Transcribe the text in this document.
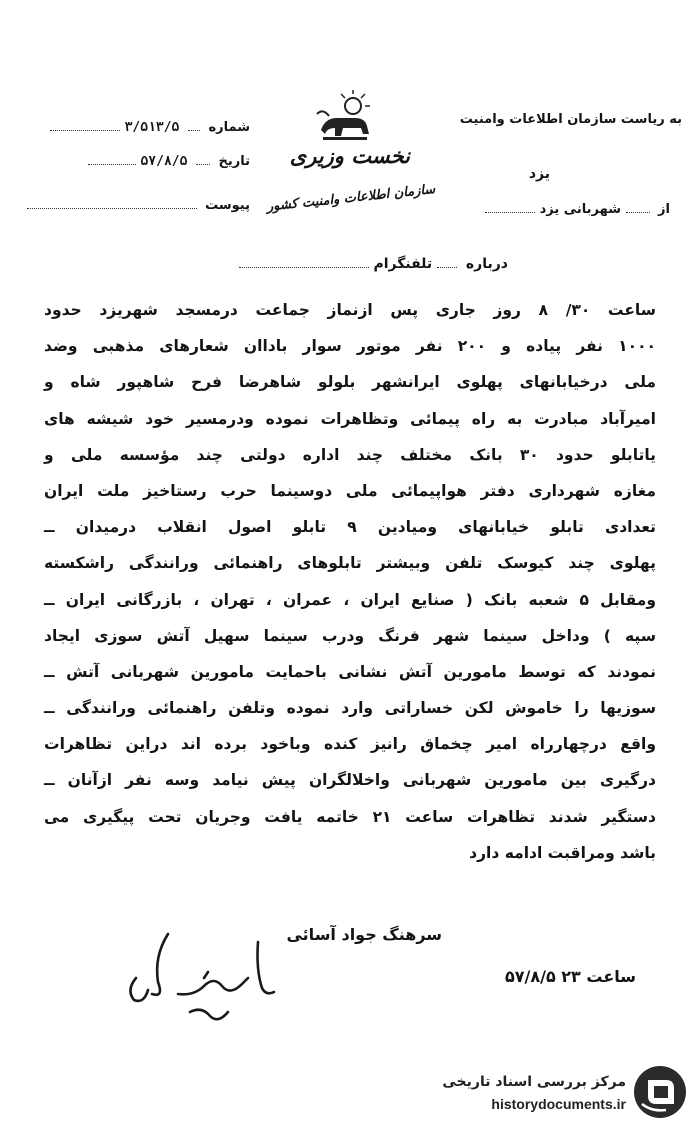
به ریاست سازمان اطلاعات وامنیت
نخست وزیری
سازمان اطلاعات وامنیت کشور
یزد
شماره  ۳/۵۱۳/۵
تاریخ  ۵۷/۸/۵
پیوست	از  شهربانی یزد
درباره  تلفنگرام
ساعت ۳۰/ ۸ روز جاری پس ازنماز جماعت درمسجد شهریزد حدود
۱۰۰۰ نفر پیاده و ۲۰۰ نفر موتور سوار باداان شعارهای مذهبی وضد
ملی درخیابانهای پهلوی ایرانشهر بلولو شاهرضا فرح شاهپور شاه و
امیرآباد مبادرت به راه پیمائی وتظاهرات نموده ودرمسیر خود شیشه های
یاتابلو حدود ۳۰ بانک مختلف چند اداره دولتی چند مؤسسه ملی و
مغازه شهرداری دفتر هواپیمائی ملی دوسینما حرب رستاخیز ملت ایران
تعدادی تابلو خیابانهای ومیادین ۹ تابلو اصول انقلاب درمیدان ــ
پهلوی چند کیوسک تلفن وبیشتر تابلوهای راهنمائی ورانندگی راشکسته
ومقابل ۵ شعبه بانک ( صنایع ایران ، عمران ، تهران ، بازرگانی ایران ــ
سپه ) وداخل سینما شهر فرنگ ودرب سینما سهیل آتش سوزی ایجاد
نمودند که توسط مامورین آتش نشانی باحمایت مامورین شهربانی آتش ــ
سوزیها را خاموش لکن خساراتی وارد نموده وتلفن راهنمائی ورانندگی ــ
واقع درچهارراه امیر چخماق رانیز کنده وباخود برده اند دراین تظاهرات
درگیری بین مامورین شهربانی واخلالگران پیش نیامد وسه نفر ازآنان ــ
دستگیر شدند تظاهرات ساعت ۲۱ خاتمه یافت وجریان تحت پیگیری می
باشد ومراقبت ادامه دارد
سرهنگ جواد آسائی
ساعت ۲۳ ۵۷/۸/۵
مرکز بررسی اسناد تاریخی
historydocuments.ir
